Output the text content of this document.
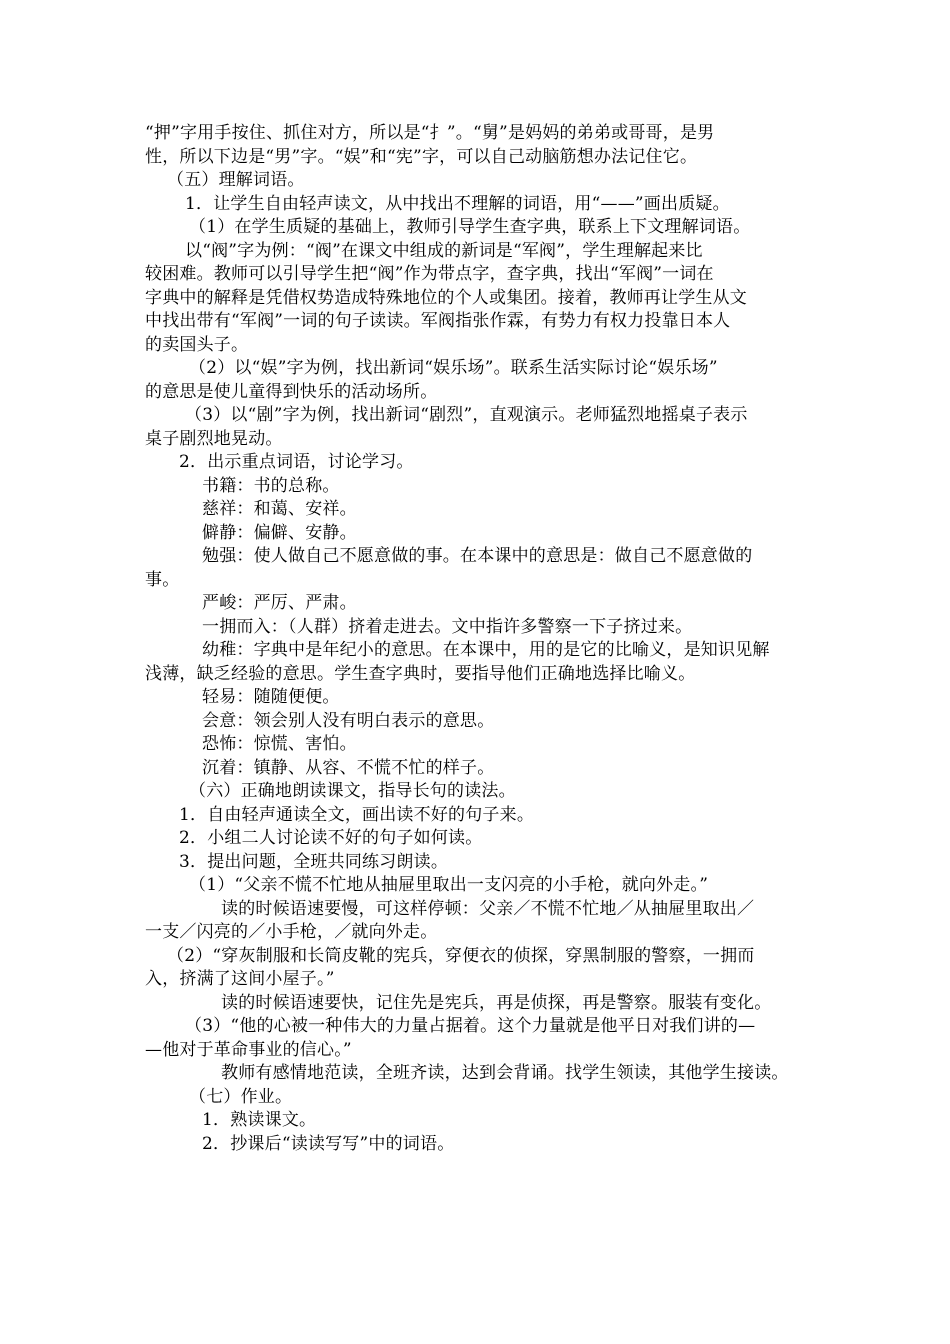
“押”字用手按住、抓住对方，所以是“扌”。“舅”是妈妈的弟弟或哥哥，是男
性，所以下边是“男”字。“娱”和“宪”字，可以自己动脑筋想办法记住它。
（五）理解词语。
1．让学生自由轻声读文，从中找出不理解的词语，用“——”画出质疑。
（1）在学生质疑的基础上，教师引导学生查字典，联系上下文理解词语。
以“阀”字为例：“阀”在课文中组成的新词是“军阀”，学生理解起来比
较困难。教师可以引导学生把“阀”作为带点字，查字典，找出“军阀”一词在
字典中的解释是凭借权势造成特殊地位的个人或集团。接着，教师再让学生从文
中找出带有“军阀”一词的句子读读。军阀指张作霖，有势力有权力投靠日本人
的卖国头子。
（2）以“娱”字为例，找出新词“娱乐场”。联系生活实际讨论“娱乐场”
的意思是使儿童得到快乐的活动场所。
（3）以“剧”字为例，找出新词“剧烈”，直观演示。老师猛烈地摇桌子表示
桌子剧烈地晃动。
2．出示重点词语，讨论学习。
书籍：书的总称。
慈祥：和蔼、安祥。
僻静：偏僻、安静。
勉强：使人做自己不愿意做的事。在本课中的意思是：做自己不愿意做的
事。
严峻：严厉、严肃。
一拥而入：（人群）挤着走进去。文中指许多警察一下子挤过来。
幼稚：字典中是年纪小的意思。在本课中，用的是它的比喻义，是知识见解
浅薄，缺乏经验的意思。学生查字典时，要指导他们正确地选择比喻义。
轻易：随随便便。
会意：领会别人没有明白表示的意思。
恐怖：惊慌、害怕。
沉着：镇静、从容、不慌不忙的样子。
（六）正确地朗读课文，指导长句的读法。
1．自由轻声通读全文，画出读不好的句子来。
2．小组二人讨论读不好的句子如何读。
3．提出问题，全班共同练习朗读。
（1）“父亲不慌不忙地从抽屉里取出一支闪亮的小手枪，就向外走。”
读的时候语速要慢，可这样停顿：父亲／不慌不忙地／从抽屉里取出／
一支／闪亮的／小手枪，／就向外走。
（2）“穿灰制服和长筒皮靴的宪兵，穿便衣的侦探，穿黑制服的警察，一拥而
入，挤满了这间小屋子。”
读的时候语速要快，记住先是宪兵，再是侦探，再是警察。服装有变化。
（3）“他的心被一种伟大的力量占据着。这个力量就是他平日对我们讲的—
—他对于革命事业的信心。”
教师有感情地范读，全班齐读，达到会背诵。找学生领读，其他学生接读。
（七）作业。
1．熟读课文。
2．抄课后“读读写写”中的词语。
